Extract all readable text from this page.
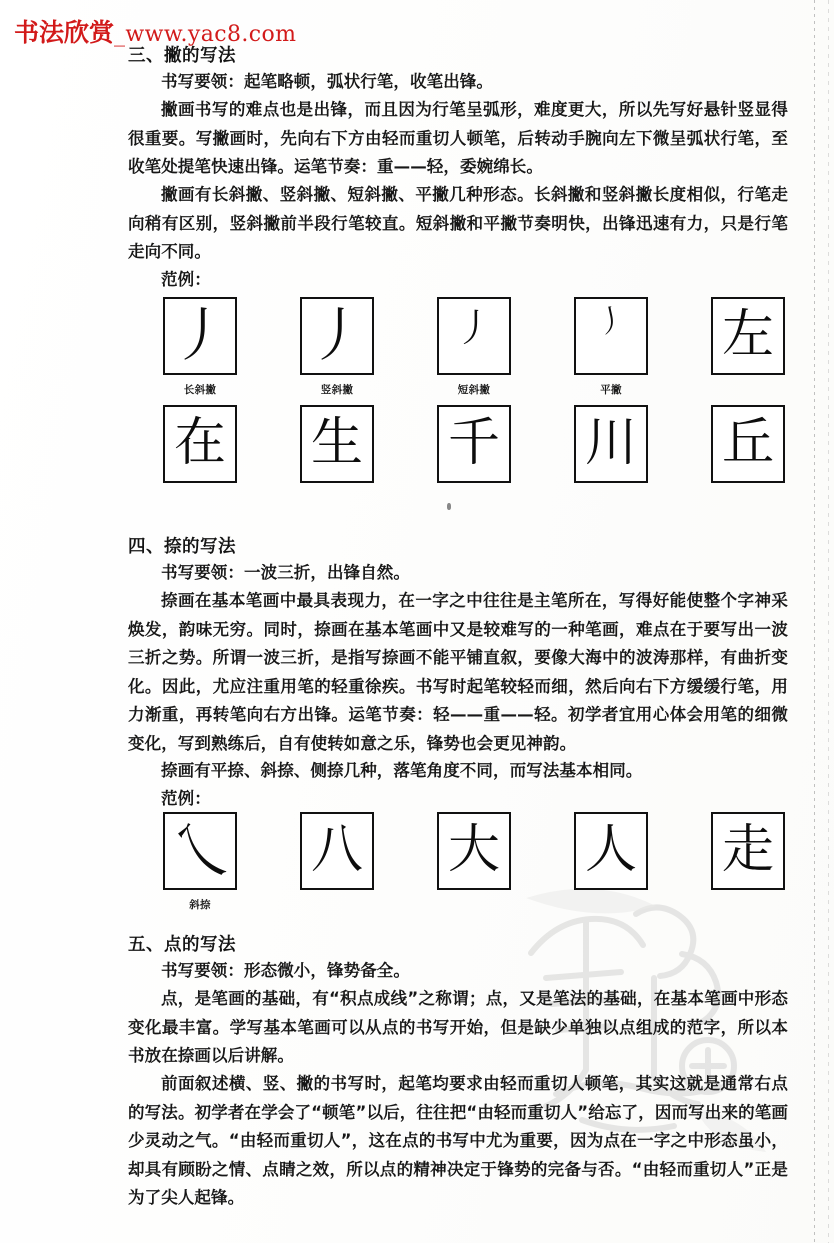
书法欣赏_www.yac8.com
三、撇的写法

书写要领：起笔略顿，弧状行笔，收笔出锋。

撇画书写的难点也是出锋，而且因为行笔呈弧形，难度更大，所以先写好悬针竖显得很重要。写撇画时，先向右下方由轻而重切人顿笔，后转动手腕向左下微呈弧状行笔，至收笔处提笔快速出锋。运笔节奏：重——轻，委婉绵长。

撇画有长斜撇、竖斜撇、短斜撇、平撇几种形态。长斜撇和竖斜撇长度相似，行笔走向稍有区别，竖斜撇前半段行笔较直。短斜撇和平撇节奏明快，出锋迅速有力，只是行笔走向不同。

范例：

丿
长斜撇
丿
竖斜撇
丿
短斜撇
丿
平撇
左
在 生 千 川 丘
四、捺的写法

书写要领：一波三折，出锋自然。

捺画在基本笔画中最具表现力，在一字之中往往是主笔所在，写得好能使整个字神采焕发，韵味无穷。同时，捺画在基本笔画中又是较难写的一种笔画，难点在于要写出一波三折之势。所谓一波三折，是指写捺画不能平铺直叙，要像大海中的波涛那样，有曲折变化。因此，尤应注重用笔的轻重徐疾。书写时起笔较轻而细，然后向右下方缓缓行笔，用力渐重，再转笔向右方出锋。运笔节奏：轻——重——轻。初学者宜用心体会用笔的细微变化，写到熟练后，自有使转如意之乐，锋势也会更见神韵。

捺画有平捺、斜捺、侧捺几种，落笔角度不同，而写法基本相同。

范例：

乀
斜捺
八 大 人 走
五、点的写法

书写要领：形态微小，锋势备全。

点，是笔画的基础，有“积点成线”之称谓；点，又是笔法的基础，在基本笔画中形态变化最丰富。学写基本笔画可以从点的书写开始，但是缺少单独以点组成的范字，所以本书放在捺画以后讲解。

前面叙述横、竖、撇的书写时，起笔均要求由轻而重切人顿笔，其实这就是通常右点的写法。初学者在学会了“顿笔”以后，往往把“由轻而重切人”给忘了，因而写出来的笔画少灵动之气。“由轻而重切人”，这在点的书写中尤为重要，因为点在一字之中形态虽小，却具有顾盼之情、点睛之效，所以点的精神决定于锋势的完备与否。“由轻而重切人”正是为了尖人起锋。
